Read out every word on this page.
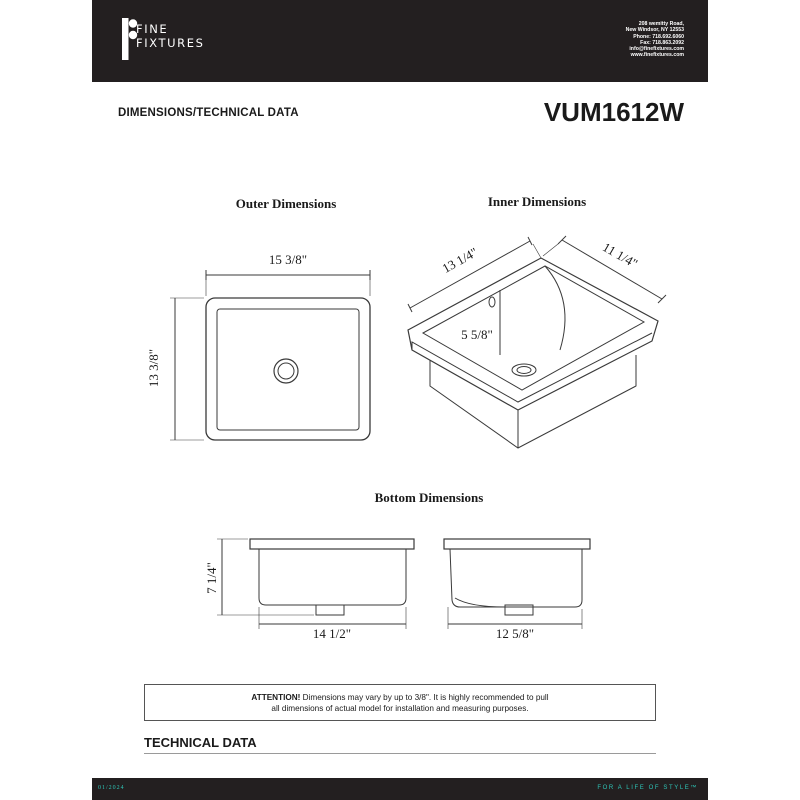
FINE
FIXTURES
208 wemitty Road,
New Windsor, NY 12553
Phone: 718.692.6060
Fax: 718.863.2092
info@finefixtures.com
www.finefixtures.com
DIMENSIONS/TECHNICAL DATA	VUM1612W
Outer Dimensions	Inner Dimensions
Bottom Dimensions
15 3/8"
13 3/8"
13 1/4"	11 1/4"
5 5/8"
7 1/4"
14 1/2"	12 5/8"
ATTENTION! Dimensions may vary by up to 3/8". It is highly recommended to pull
all dimensions of actual model for installation and measuring purposes.
TECHNICAL DATA
01/2024	FOR A LIFE OF STYLE™
